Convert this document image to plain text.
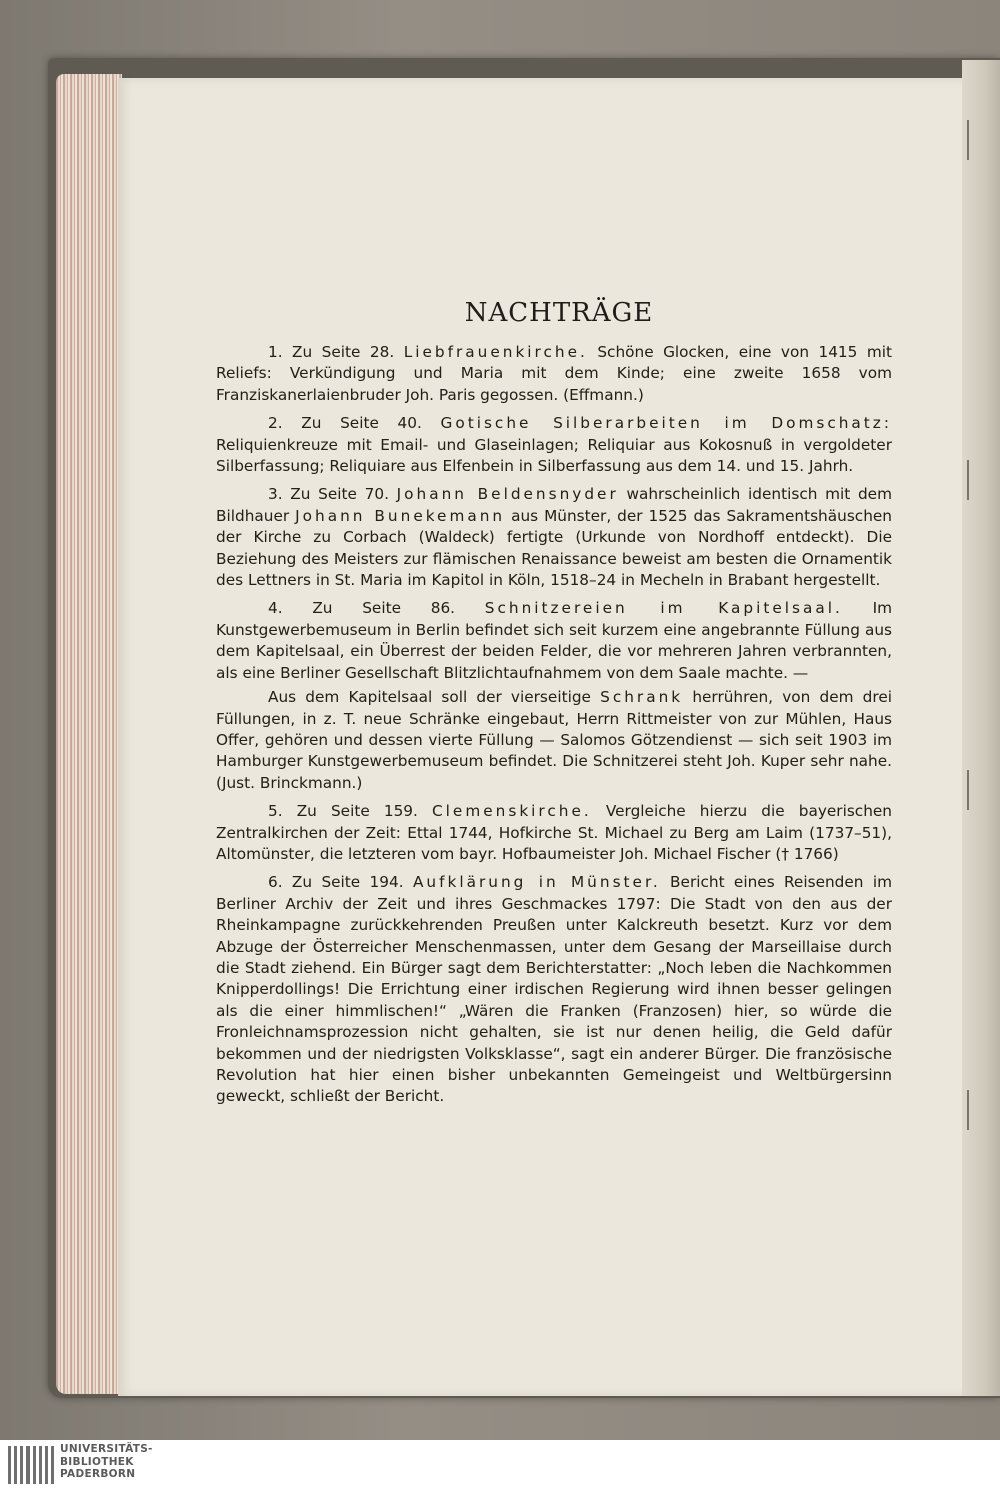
NACHTRÄGE

1. Zu Seite 28. Liebfrauenkirche. Schöne Glocken, eine von 1415 mit Reliefs: Verkündigung und Maria mit dem Kinde; eine zweite 1658 vom Franziskanerlaienbruder Joh. Paris gegossen. (Effmann.)

2. Zu Seite 40. Gotische Silberarbeiten im Domschatz: Reliquienkreuze mit Email- und Glaseinlagen; Reliquiar aus Kokosnuß in vergoldeter Silberfassung; Reliquiare aus Elfenbein in Silberfassung aus dem 14. und 15. Jahrh.

3. Zu Seite 70. Johann Beldensnyder wahrscheinlich identisch mit dem Bildhauer Johann Bunekemann aus Münster, der 1525 das Sakramentshäuschen der Kirche zu Corbach (Waldeck) fertigte (Urkunde von Nordhoff entdeckt). Die Beziehung des Meisters zur flämischen Renaissance beweist am besten die Ornamentik des Lettners in St. Maria im Kapitol in Köln, 1518–24 in Mecheln in Brabant hergestellt.

4. Zu Seite 86. Schnitzereien im Kapitelsaal. Im Kunstgewerbemuseum in Berlin befindet sich seit kurzem eine angebrannte Füllung aus dem Kapitelsaal, ein Überrest der beiden Felder, die vor mehreren Jahren verbrannten, als eine Berliner Gesellschaft Blitzlichtaufnahmem von dem Saale machte. —

Aus dem Kapitelsaal soll der vierseitige Schrank herrühren, von dem drei Füllungen, in z. T. neue Schränke eingebaut, Herrn Rittmeister von zur Mühlen, Haus Offer, gehören und dessen vierte Füllung — Salomos Götzendienst — sich seit 1903 im Hamburger Kunstgewerbemuseum befindet. Die Schnitzerei steht Joh. Kuper sehr nahe. (Just. Brinckmann.)

5. Zu Seite 159. Clemenskirche. Vergleiche hierzu die bayerischen Zentralkirchen der Zeit: Ettal 1744, Hofkirche St. Michael zu Berg am Laim (1737–51), Altomünster, die letzteren vom bayr. Hofbaumeister Joh. Michael Fischer († 1766)

6. Zu Seite 194. Aufklärung in Münster. Bericht eines Reisenden im Berliner Archiv der Zeit und ihres Geschmackes 1797: Die Stadt von den aus der Rheinkampagne zurückkehrenden Preußen unter Kalckreuth besetzt. Kurz vor dem Abzuge der Österreicher Menschenmassen, unter dem Gesang der Marseillaise durch die Stadt ziehend. Ein Bürger sagt dem Berichterstatter: „Noch leben die Nachkommen Knipperdollings! Die Errichtung einer irdischen Regierung wird ihnen besser gelingen als die einer himmlischen!“ „Wären die Franken (Franzosen) hier, so würde die Fronleichnamsprozession nicht gehalten, sie ist nur denen heilig, die Geld dafür bekommen und der niedrigsten Volksklasse“, sagt ein anderer Bürger. Die französische Revolution hat hier einen bisher unbekannten Gemeingeist und Weltbürgersinn geweckt, schließt der Bericht.

UNIVERSITÄTS-
BIBLIOTHEK
PADERBORN
